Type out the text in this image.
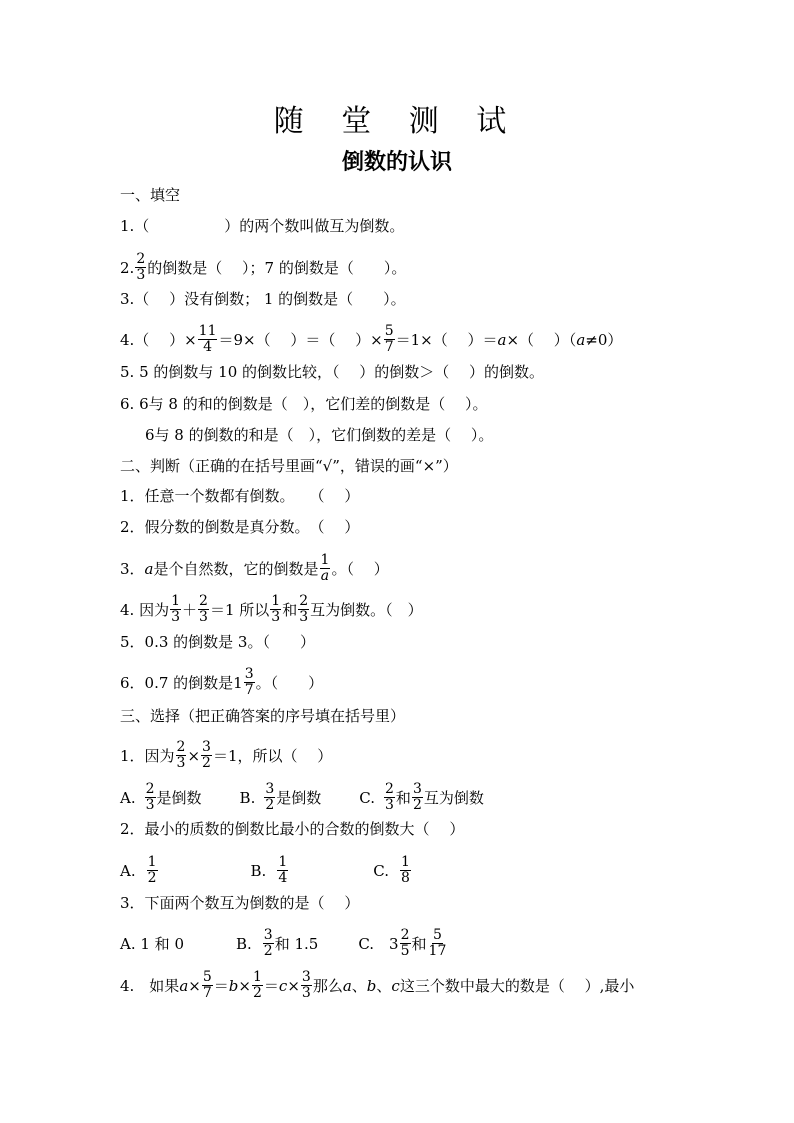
随 堂 测 试
倒数的认识
一、填空
1.（　　　　　）的两个数叫做互为倒数。
2. $\frac{2}{3}$ 的倒数是（　 ）；7 的倒数是（　　）。
3.（　 ）没有倒数； 1 的倒数是（　　）。
4.（　 ）× $\frac{11}{4} =9\times$（　 ）＝（　 ）× $\frac{5}{7} =1\times$（　 ）＝ a ×（　 ）（ a ≠0）
5. 5 的倒数与 10 的倒数比较，（　 ）的倒数＞（　 ）的倒数。
6. 6与 8 的和的倒数是（　），它们差的倒数是（　 ）。
6与 8 的倒数的和是（　），它们倒数的差是（　 ）。
二、判断（正确的在括号里画“√”，错误的画“×”）
1．任意一个数都有倒数。　　（　 ）
2．假分数的倒数是真分数。　（　 ）
3． a 是个自然数，它的倒数是 $\frac{1}{a}$ 。（　 ）
4. 因为 $\frac{1}{3} + \frac{2}{3} =1$ 所以 $\frac{1}{3}$ 和 $\frac{2}{3}$ 互为倒数。（　）
5．0.3 的倒数是 3。（　　）
6．0.7 的倒数是$1 \frac{3}{7}$ 。（　　）
三、选择（把正确答案的序号填在括号里）
1．因为 $\frac{2}{3} \times \frac{3}{2} =1$，所以（　 ）
A. $\frac{2}{3}$ 是倒数	B. $\frac{3}{2}$ 是倒数	C. $\frac{2}{3}$ 和 $\frac{3}{2}$ 互为倒数
2．最小的质数的倒数比最小的合数的倒数大（　 ）
A. $\frac{1}{2}$	B. $\frac{1}{4}$	C. $\frac{1}{8}$
3．下面两个数互为倒数的是（　 ）
A. 1 和 0	B. $\frac{3}{2}$ 和 1.5	C.　$3 \frac{2}{5}$ 和 $\frac{5}{17}$
4.　如果 $a \times \frac{5}{7} = b \times \frac{1}{2} = c \times \frac{3}{3}$ 那么 a 、 b 、 c 这三个数中最大的数是（　 ）,最小
